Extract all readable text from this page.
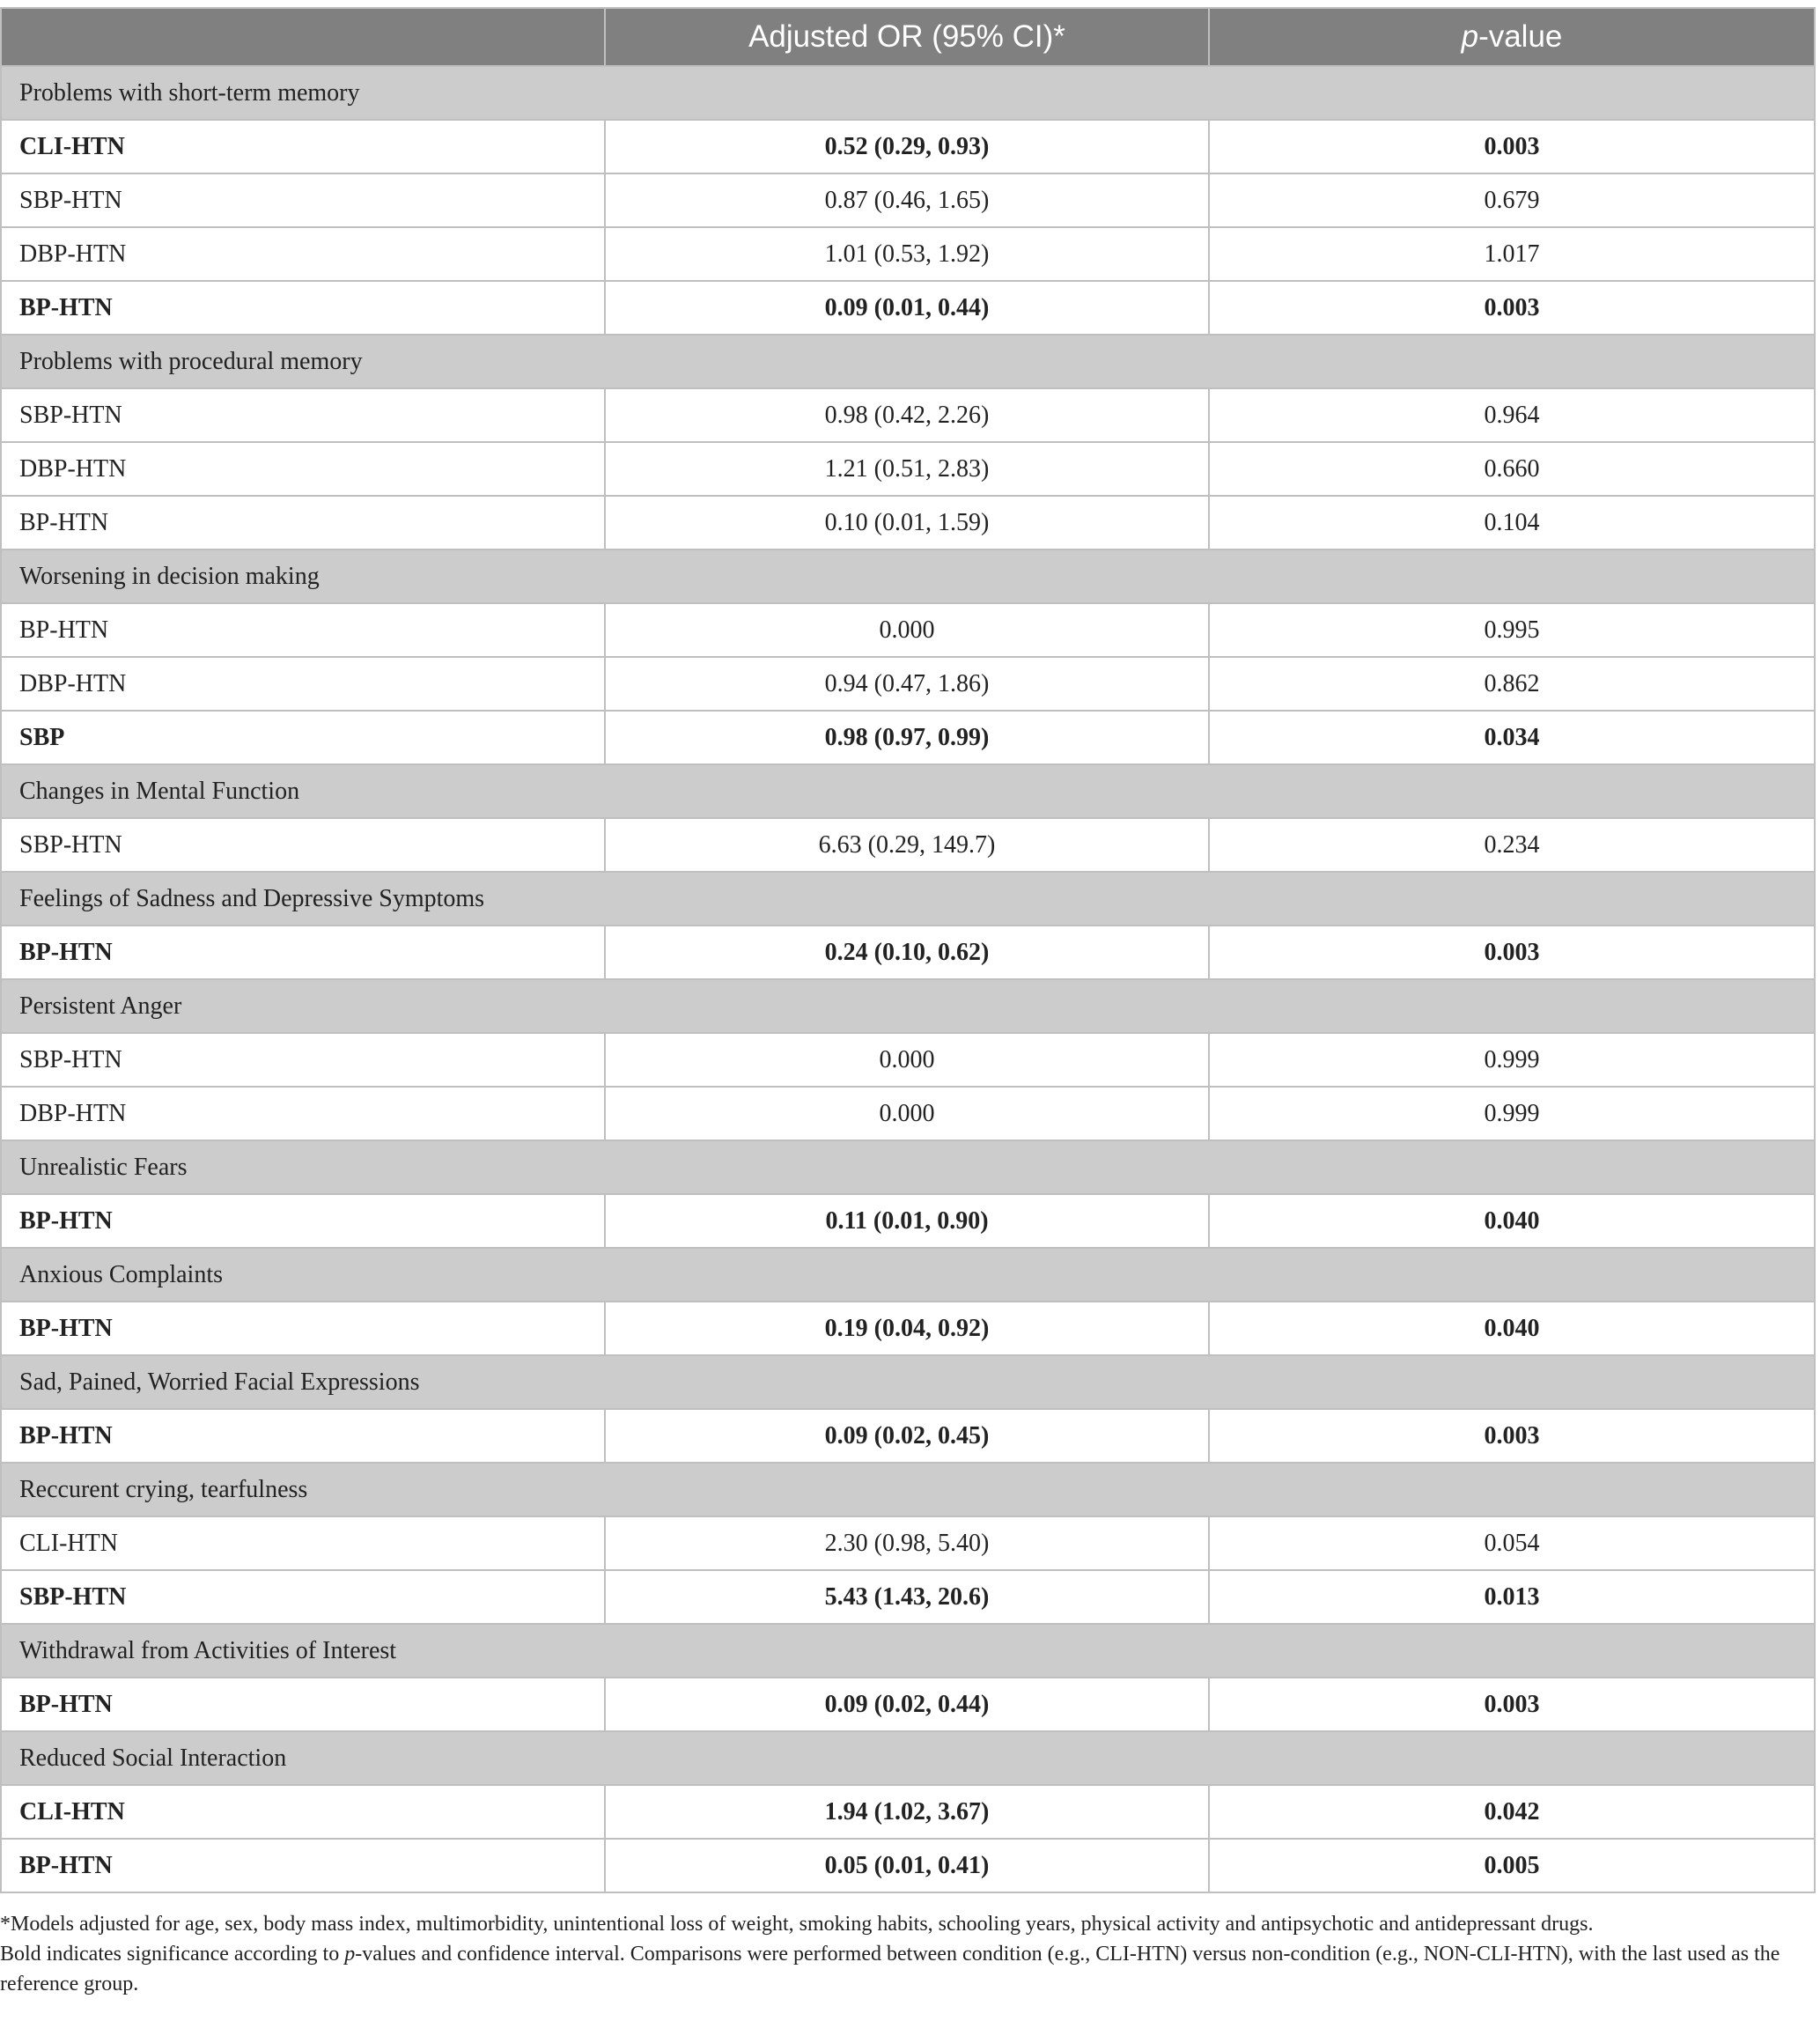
	Adjusted OR (95% CI)*	p-value
Problems with short-term memory		
CLI-HTN	0.52 (0.29, 0.93)	0.003
SBP-HTN	0.87 (0.46, 1.65)	0.679
DBP-HTN	1.01 (0.53, 1.92)	1.017
BP-HTN	0.09 (0.01, 0.44)	0.003
Problems with procedural memory		
SBP-HTN	0.98 (0.42, 2.26)	0.964
DBP-HTN	1.21 (0.51, 2.83)	0.660
BP-HTN	0.10 (0.01, 1.59)	0.104
Worsening in decision making		
BP-HTN	0.000	0.995
DBP-HTN	0.94 (0.47, 1.86)	0.862
SBP	0.98 (0.97, 0.99)	0.034
Changes in Mental Function		
SBP-HTN	6.63 (0.29, 149.7)	0.234
Feelings of Sadness and Depressive Symptoms		
BP-HTN	0.24 (0.10, 0.62)	0.003
Persistent Anger		
SBP-HTN	0.000	0.999
DBP-HTN	0.000	0.999
Unrealistic Fears		
BP-HTN	0.11 (0.01, 0.90)	0.040
Anxious Complaints		
BP-HTN	0.19 (0.04, 0.92)	0.040
Sad, Pained, Worried Facial Expressions		
BP-HTN	0.09 (0.02, 0.45)	0.003
Reccurent crying, tearfulness		
CLI-HTN	2.30 (0.98, 5.40)	0.054
SBP-HTN	5.43 (1.43, 20.6)	0.013
Withdrawal from Activities of Interest		
BP-HTN	0.09 (0.02, 0.44)	0.003
Reduced Social Interaction		
CLI-HTN	1.94 (1.02, 3.67)	0.042
BP-HTN	0.05 (0.01, 0.41)	0.005

*Models adjusted for age, sex, body mass index, multimorbidity, unintentional loss of weight, smoking habits, schooling years, physical activity and antipsychotic and antidepressant drugs.

Bold indicates significance according to p-values and confidence interval. Comparisons were performed between condition (e.g., CLI-HTN) versus non-condition (e.g., NON-CLI-HTN), with the last used as the reference group.
